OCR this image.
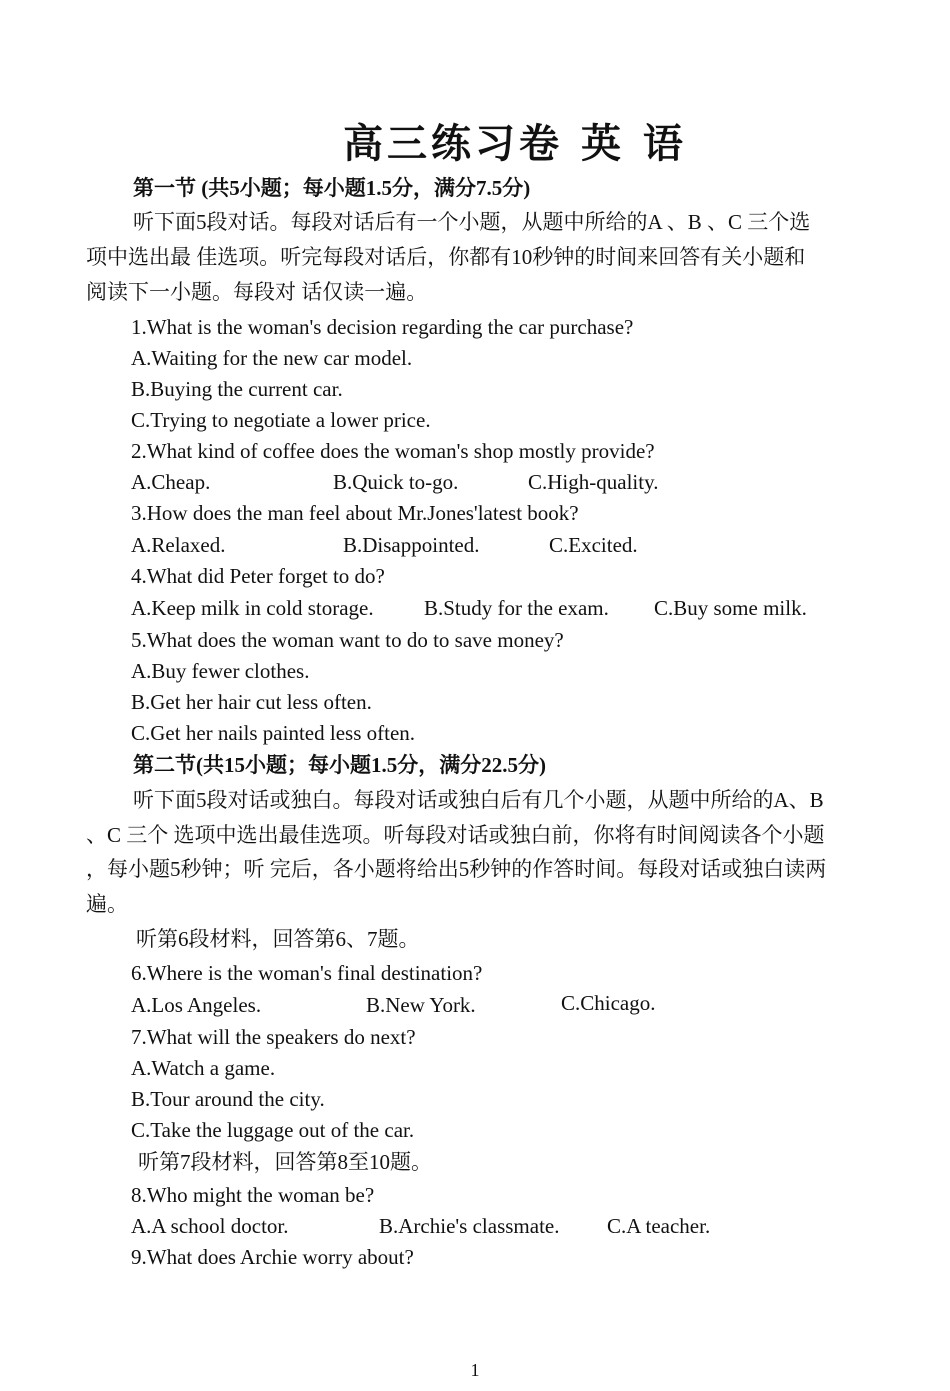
高三练习卷 英 语
第一节 (共5小题；每小题1.5分，满分7.5分)
听下面5段对话。每段对话后有一个小题，从题中所给的A 、B 、C 三个选
项中选出最 佳选项。听完每段对话后，你都有10秒钟的时间来回答有关小题和
阅读下一小题。每段对 话仅读一遍。
1.What is the woman's decision regarding the car purchase?
A.Waiting for the new car model.
B.Buying the current car.
C.Trying to negotiate a lower price.
2.What kind of coffee does the woman's shop mostly provide?
A.Cheap.	B.Quick to-go.	C.High-quality.
3.How does the man feel about Mr.Jones'latest book?
A.Relaxed.	B.Disappointed.	C.Excited.
4.What did Peter forget to do?
A.Keep milk in cold storage. B.Study for the exam. C.Buy some milk.
5.What does the woman want to do to save money?
A.Buy fewer clothes.
B.Get her hair cut less often.
C.Get her nails painted less often.
第二节(共15小题；每小题1.5分，满分22.5分)
听下面5段对话或独白。每段对话或独白后有几个小题，从题中所给的A、B
、C 三个 选项中选出最佳选项。听每段对话或独白前，你将有时间阅读各个小题
，每小题5秒钟；听 完后，各小题将给出5秒钟的作答时间。每段对话或独白读两
遍。
听第6段材料，回答第6、7题。
6.Where is the woman's final destination?
A.Los Angeles.	B.New York.	C.Chicago.
7.What will the speakers do next?
A.Watch a game.
B.Tour around the city.
C.Take the luggage out of the car.
听第7段材料，回答第8至10题。
8.Who might the woman be?
A.A school doctor.	B.Archie's classmate. C.A teacher.
9.What does Archie worry about?
1
